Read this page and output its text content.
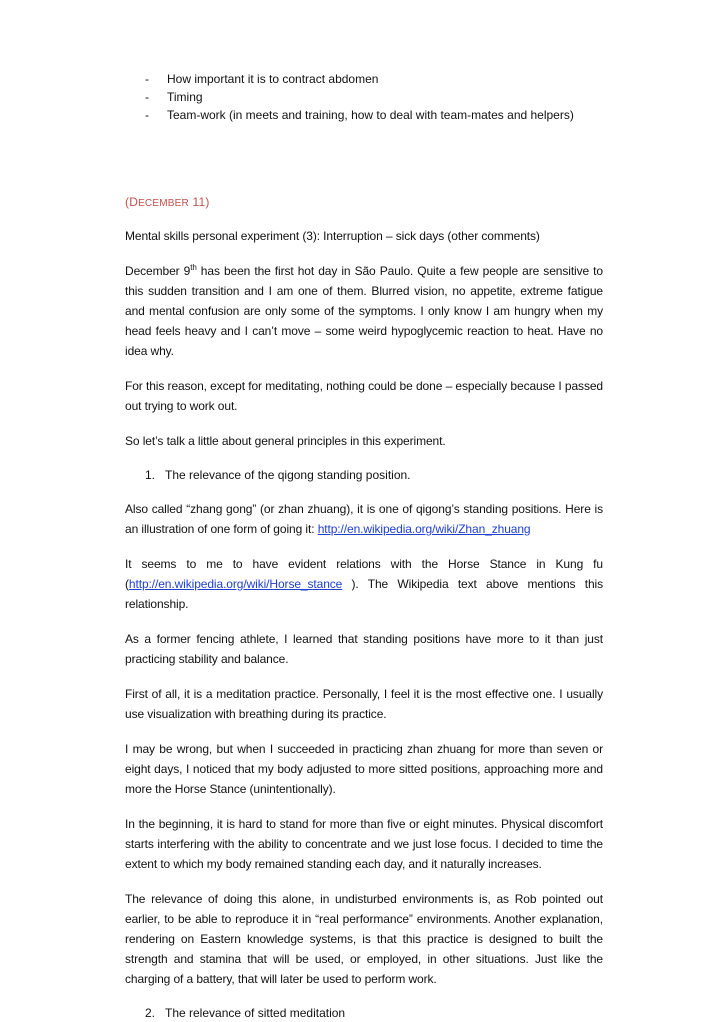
-	How important it is to contract abdomen
-	Timing
-	Team-work (in meets and training, how to deal with team-mates and helpers)
(DECEMBER 11)

Mental skills personal experiment (3): Interruption – sick days (other comments)

December 9th has been the first hot day in São Paulo. Quite a few people are sensitive to this sudden transition and I am one of them. Blurred vision, no appetite, extreme fatigue and mental confusion are only some of the symptoms. I only know I am hungry when my head feels heavy and I can’t move – some weird hypoglycemic reaction to heat. Have no idea why.

For this reason, except for meditating, nothing could be done – especially because I passed out trying to work out.

So let’s talk a little about general principles in this experiment.

1. The relevance of the qigong standing position.

Also called “zhang gong” (or zhan zhuang), it is one of qigong’s standing positions. Here is an illustration of one form of going it: http://en.wikipedia.org/wiki/Zhan_zhuang

It seems to me to have evident relations with the Horse Stance in Kung fu (http://en.wikipedia.org/wiki/Horse_stance ). The Wikipedia text above mentions this relationship.

As a former fencing athlete, I learned that standing positions have more to it than just practicing stability and balance.

First of all, it is a meditation practice. Personally, I feel it is the most effective one. I usually use visualization with breathing during its practice.

I may be wrong, but when I succeeded in practicing zhan zhuang for more than seven or eight days, I noticed that my body adjusted to more sitted positions, approaching more and more the Horse Stance (unintentionally).

In the beginning, it is hard to stand for more than five or eight minutes. Physical discomfort starts interfering with the ability to concentrate and we just lose focus. I decided to time the extent to which my body remained standing each day, and it naturally increases.

The relevance of doing this alone, in undisturbed environments is, as Rob pointed out earlier, to be able to reproduce it in “real performance” environments. Another explanation, rendering on Eastern knowledge systems, is that this practice is designed to built the strength and stamina that will be used, or employed, in other situations. Just like the charging of a battery, that will later be used to perform work.

2. The relevance of sitted meditation
